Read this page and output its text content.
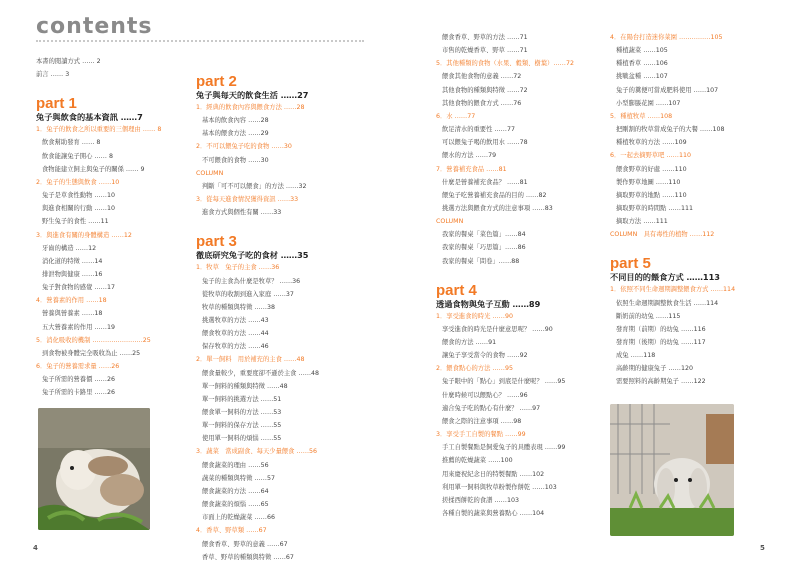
contents
本書的閱讀方式 …… 2
前言 …… 3
part 1
兔子與飲食的基本資訊 ……7
1．兔子的飲食之所以重要的三個理由 …… 8
飲食幫助發育 …… 8
飲食能讓兔子開心 …… 8
食物能建立飼主與兔子的關係 …… 9
2．兔子的生態與飲食 ……10
兔子是草食性動物 ……10
與進食相關的行動 ……10
野生兔子的食性 ……11
3．與進食有關的身體構造 ……12
牙齒的構造 ……12
消化道的特徵 ……14
排泄物與健康 ……16
兔子對食物的感覺 ……17
4．營養素的作用 ……18
營養與營養素 ……18
五大營養素的作用 ……19
5．消化吸收的機制 ……………………25
到食物被身體完全吸收為止 ……25
6．兔子的營養需求量 ……26
兔子所需的營養價 ……26
兔子所需的卡路里 ……26
part 2
兔子與每天的飲食生活 ……27
1．經典的飲食內容與餵食方法 ……28
基本的飲食內容 ……28
基本的餵食方法 ……29
2．不可以餵兔子吃的食物 ……30
不可餵食的食物 ……30
COLUMN
判斷「可不可以餵食」的方法 ……32
3．從每天進食情況獲得資訊 ……33
進食方式與個性有關 ……33
part 3
徹底研究兔子吃的食材 ……35
1．牧草　兔子的主食 ……36
兔子的主食為什麼是牧草？ ……36
從牧草的收割到進入家庭 ……37
牧草的種類與特徵 ……38
挑選牧草的方法 ……43
餵食牧草的方法 ……44
保存牧草的方法 ……46
2．單一飼料　用於補充的主食 ……48
餵食量較少，重要度卻不遜於主食 ……48
單一飼料的種類與特徵 ……48
單一飼料的挑選方法 ……51
餵食單一飼料的方法 ……53
單一飼料的保存方法 ……55
使用單一飼料的煩惱 ……55
3．蔬菜　當成副食、每天少量餵食 ……56
餵食蔬菜的理由 ……56
蔬菜的種類與特徵 ……57
餵食蔬菜的方法 ……64
餵食蔬菜的煩惱 ……65
市面上的乾燥蔬菜 ……66
4．香草、野草類 ……67
餵食香草、野草的意義 ……67
香草、野草的種類與特徵 ……67
餵食香草、野草的方法 ……71
市售的乾燥香草、野草 ……71
5．其他種類的食物（水果、穀類、樹葉）……72
餵食其他食物的意義 ……72
其他食物的種類與特徵 ……72
其他食物的餵食方式 ……76
6．水 ……77
飲足清水的重要性 ……77
可以餵兔子喝的飲用水 ……78
餵水的方法 ……79
7．營養補充食品 ……81
什麼是營養補充食品？ ……81
餵兔子吃營養補充食品的目的 ……82
挑選方法與餵食方式的注意事項 ……83
COLUMN
我家的餐桌「菜色篇」……84
我家的餐桌「巧思篇」……86
我家的餐桌「問卷」……88
part 4
透過食物與兔子互動 ……89
1．享受進食的時光 ……90
享受進食的時光是什麼意思呢？ ……90
餵食的方法 ……91
讓兔子享受當令的食物 ……92
2．餵食點心的方法 ……95
兔子眼中的「點心」到底是什麼呢？ ……95
什麼時候可以餵點心？ ……96
適合兔子吃的點心有什麼？ ……97
餵食之際的注意事項 ……98
3．享受手工自製的餐點 ……99
手工自製餐點是飼愛兔子的具體表現 ……99
推薦的乾燥蔬菜 ……100
用來慶祝紀念日的特製餐點 ……102
利用單一飼料與牧草粉製作餅乾 ……103
搓揉西餅乾的食譜 ……103
各種自製的蔬菜與營養點心 ……104
4．在陽台打造迷你菜園 ……………105
種植蔬菜 ……105
種植香草 ……106
挑戰盆種 ……107
兔子的糞便可當成肥料使用 ……107
小型膨脹花園 ……107
5．種植牧草 ……108
把剛割的牧草當成兔子的大餐 ……108
種植牧草的方法 ……109
6．一起去摘野草吧 ……110
餵食野草的好處 ……110
製作野草地圖 ……110
摘取野草的地點 ……110
摘取野草的時間點 ……111
摘取方法 ……111
COLUMN　具有毒性的植物 ……112
part 5
不同目的的餵食方式 ……113
1．依照不同生命週期調整餵食方式 ……114
依照生命週期調整飲食生活 ……114
斷奶前的幼兔 ……115
發育期（前期）的幼兔 ……116
發育期（後期）的幼兔 ……117
成兔 ……118
高齡期的健康兔子 ……120
需要照料的高齡期兔子 ……122
4	5
